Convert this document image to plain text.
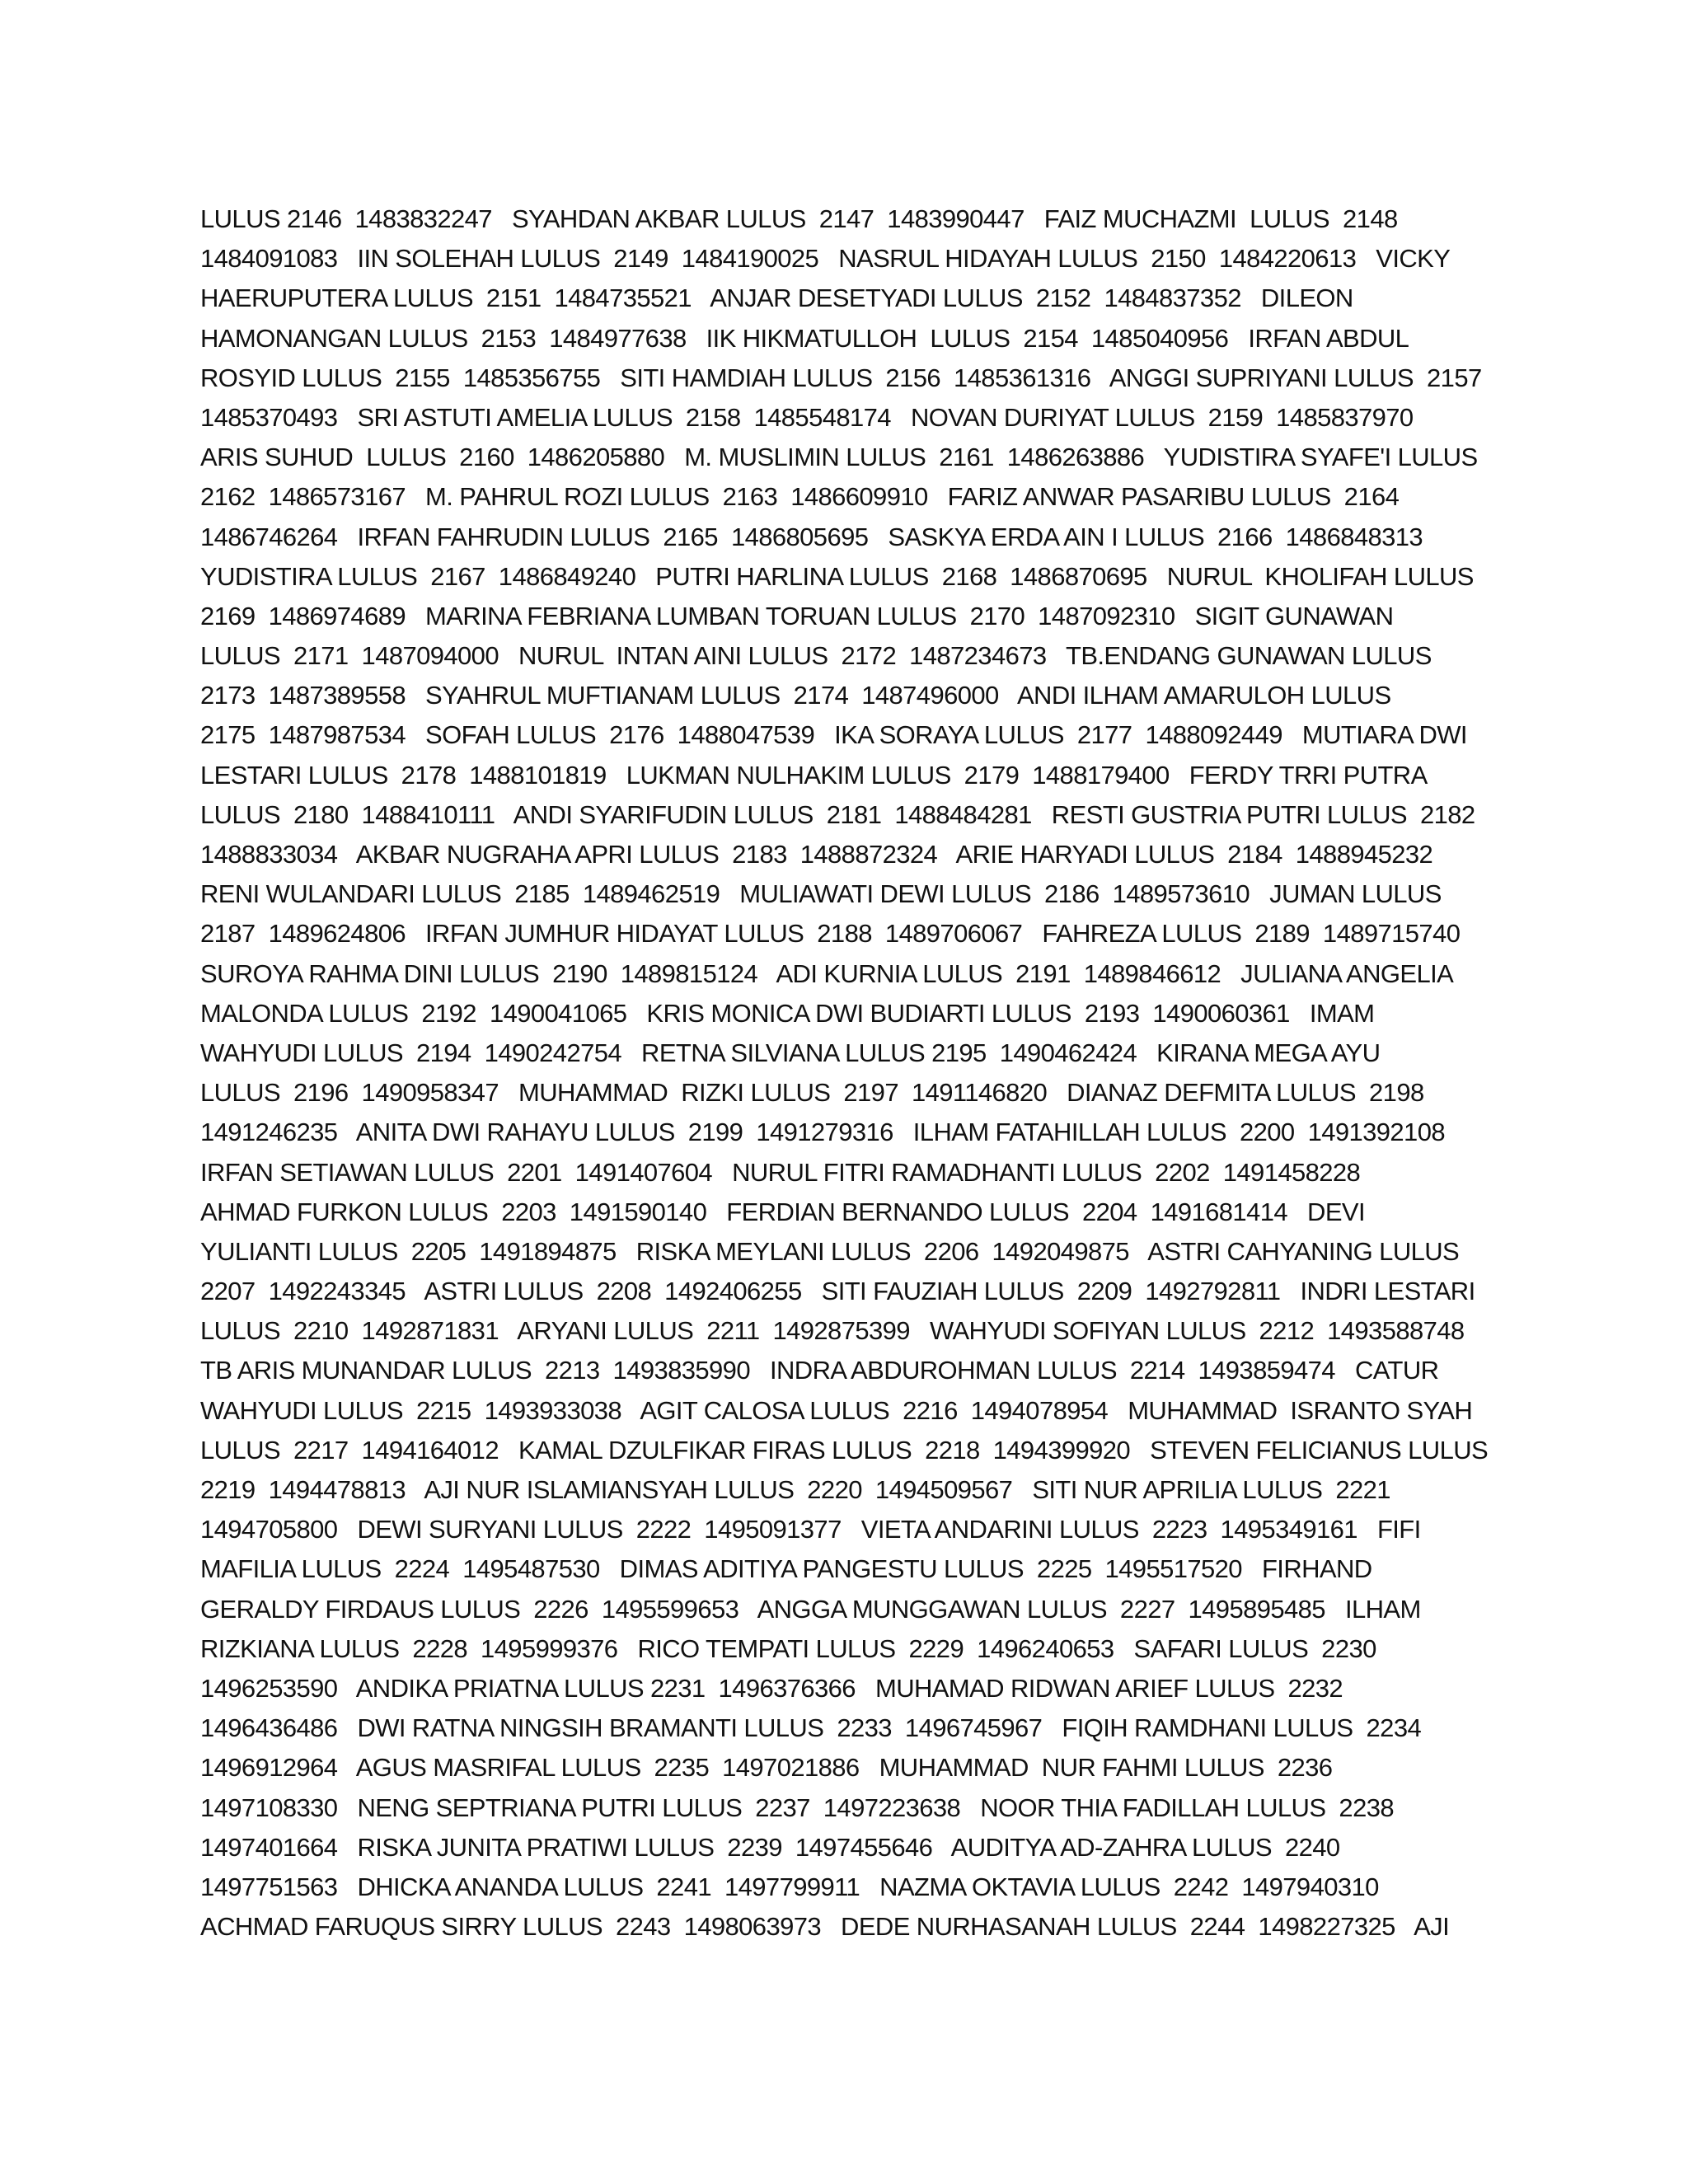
LULUS 2146  1483832247   SYAHDAN AKBAR LULUS  2147  1483990447   FAIZ MUCHAZMI  LULUS  2148
1484091083   IIN SOLEHAH LULUS  2149  1484190025   NASRUL HIDAYAH LULUS  2150  1484220613   VICKY
HAERUPUTERA LULUS  2151  1484735521   ANJAR DESETYADI LULUS  2152  1484837352   DILEON
HAMONANGAN LULUS  2153  1484977638   IIK HIKMATULLOH  LULUS  2154  1485040956   IRFAN ABDUL
ROSYID LULUS  2155  1485356755   SITI HAMDIAH LULUS  2156  1485361316   ANGGI SUPRIYANI LULUS  2157
1485370493   SRI ASTUTI AMELIA LULUS  2158  1485548174   NOVAN DURIYAT LULUS  2159  1485837970
ARIS SUHUD  LULUS  2160  1486205880   M. MUSLIMIN LULUS  2161  1486263886   YUDISTIRA SYAFE'I LULUS
2162  1486573167   M. PAHRUL ROZI LULUS  2163  1486609910   FARIZ ANWAR PASARIBU LULUS  2164
1486746264   IRFAN FAHRUDIN LULUS  2165  1486805695   SASKYA ERDA AIN I LULUS  2166  1486848313
YUDISTIRA LULUS  2167  1486849240   PUTRI HARLINA LULUS  2168  1486870695   NURUL  KHOLIFAH LULUS
2169  1486974689   MARINA FEBRIANA LUMBAN TORUAN LULUS  2170  1487092310   SIGIT GUNAWAN
LULUS  2171  1487094000   NURUL  INTAN AINI LULUS  2172  1487234673   TB.ENDANG GUNAWAN LULUS
2173  1487389558   SYAHRUL MUFTIANAM LULUS  2174  1487496000   ANDI ILHAM AMARULOH LULUS
2175  1487987534   SOFAH LULUS  2176  1488047539   IKA SORAYA LULUS  2177  1488092449   MUTIARA DWI
LESTARI LULUS  2178  1488101819   LUKMAN NULHAKIM LULUS  2179  1488179400   FERDY TRRI PUTRA
LULUS  2180  1488410111   ANDI SYARIFUDIN LULUS  2181  1488484281   RESTI GUSTRIA PUTRI LULUS  2182
1488833034   AKBAR NUGRAHA APRI LULUS  2183  1488872324   ARIE HARYADI LULUS  2184  1488945232
RENI WULANDARI LULUS  2185  1489462519   MULIAWATI DEWI LULUS  2186  1489573610   JUMAN LULUS
2187  1489624806   IRFAN JUMHUR HIDAYAT LULUS  2188  1489706067   FAHREZA LULUS  2189  1489715740
SUROYA RAHMA DINI LULUS  2190  1489815124   ADI KURNIA LULUS  2191  1489846612   JULIANA ANGELIA
MALONDA LULUS  2192  1490041065   KRIS MONICA DWI BUDIARTI LULUS  2193  1490060361   IMAM
WAHYUDI LULUS  2194  1490242754   RETNA SILVIANA LULUS 2195  1490462424   KIRANA MEGA AYU
LULUS  2196  1490958347   MUHAMMAD  RIZKI LULUS  2197  1491146820   DIANAZ DEFMITA LULUS  2198
1491246235   ANITA DWI RAHAYU LULUS  2199  1491279316   ILHAM FATAHILLAH LULUS  2200  1491392108
IRFAN SETIAWAN LULUS  2201  1491407604   NURUL FITRI RAMADHANTI LULUS  2202  1491458228
AHMAD FURKON LULUS  2203  1491590140   FERDIAN BERNANDO LULUS  2204  1491681414   DEVI
YULIANTI LULUS  2205  1491894875   RISKA MEYLANI LULUS  2206  1492049875   ASTRI CAHYANING LULUS
2207  1492243345   ASTRI LULUS  2208  1492406255   SITI FAUZIAH LULUS  2209  1492792811   INDRI LESTARI
LULUS  2210  1492871831   ARYANI LULUS  2211  1492875399   WAHYUDI SOFIYAN LULUS  2212  1493588748
TB ARIS MUNANDAR LULUS  2213  1493835990   INDRA ABDUROHMAN LULUS  2214  1493859474   CATUR
WAHYUDI LULUS  2215  1493933038   AGIT CALOSA LULUS  2216  1494078954   MUHAMMAD  ISRANTO SYAH
LULUS  2217  1494164012   KAMAL DZULFIKAR FIRAS LULUS  2218  1494399920   STEVEN FELICIANUS LULUS
2219  1494478813   AJI NUR ISLAMIANSYAH LULUS  2220  1494509567   SITI NUR APRILIA LULUS  2221
1494705800   DEWI SURYANI LULUS  2222  1495091377   VIETA ANDARINI LULUS  2223  1495349161   FIFI
MAFILIA LULUS  2224  1495487530   DIMAS ADITIYA PANGESTU LULUS  2225  1495517520   FIRHAND
GERALDY FIRDAUS LULUS  2226  1495599653   ANGGA MUNGGAWAN LULUS  2227  1495895485   ILHAM
RIZKIANA LULUS  2228  1495999376   RICO TEMPATI LULUS  2229  1496240653   SAFARI LULUS  2230
1496253590   ANDIKA PRIATNA LULUS 2231  1496376366   MUHAMAD RIDWAN ARIEF LULUS  2232
1496436486   DWI RATNA NINGSIH BRAMANTI LULUS  2233  1496745967   FIQIH RAMDHANI LULUS  2234
1496912964   AGUS MASRIFAL LULUS  2235  1497021886   MUHAMMAD  NUR FAHMI LULUS  2236
1497108330   NENG SEPTRIANA PUTRI LULUS  2237  1497223638   NOOR THIA FADILLAH LULUS  2238
1497401664   RISKA JUNITA PRATIWI LULUS  2239  1497455646   AUDITYA AD-ZAHRA LULUS  2240
1497751563   DHICKA ANANDA LULUS  2241  1497799911   NAZMA OKTAVIA LULUS  2242  1497940310
ACHMAD FARUQUS SIRRY LULUS  2243  1498063973   DEDE NURHASANAH LULUS  2244  1498227325   AJI
